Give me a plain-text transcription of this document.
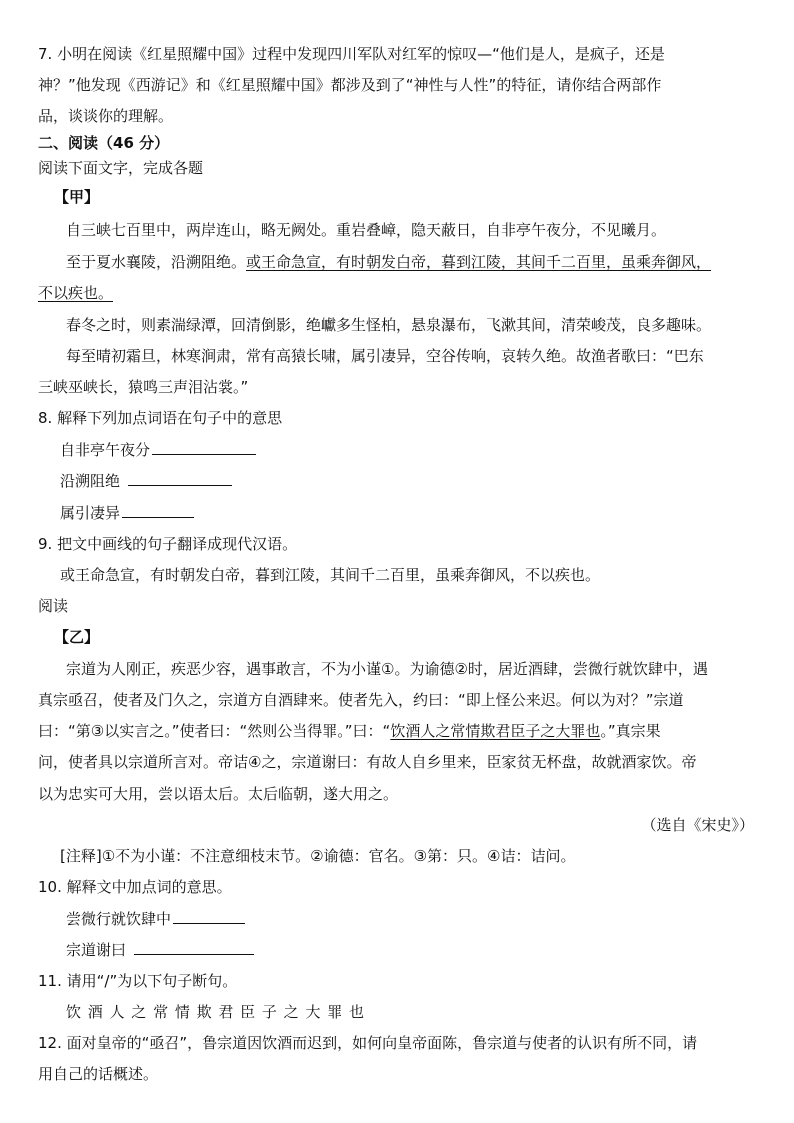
7. 小明在阅读《红星照耀中国》过程中发现四川军队对红军的惊叹—“他们是人，是疯子，还是
神？”他发现《西游记》和《红星照耀中国》都涉及到了“神性与人性”的特征，请你结合两部作
品，谈谈你的理解。
二、阅读（46 分）
阅读下面文字，完成各题
【甲】
自三峡七百里中，两岸连山，略无阙处。重岩叠嶂，隐天蔽日，自非亭午夜分，不见曦月。
至于夏水襄陵，沿溯阻绝。或王命急宣，有时朝发白帝，暮到江陵，其间千二百里，虽乘奔御风，
不以疾也。
春冬之时，则素湍绿潭，回清倒影，绝巘多生怪柏，悬泉瀑布，飞漱其间，清荣峻茂，良多趣味。
每至晴初霜旦，林寒涧肃，常有高猿长啸，属引凄异，空谷传响，哀转久绝。故渔者歌曰：“巴东
三峡巫峡长，猿鸣三声泪沾裳。”
8. 解释下列加点词语在句子中的意思
自非亭午夜分
沿溯阻绝
属引凄异
9. 把文中画线的句子翻译成现代汉语。
或王命急宣，有时朝发白帝，暮到江陵，其间千二百里，虽乘奔御风，不以疾也。
阅读
【乙】
宗道为人刚正，疾恶少容，遇事敢言，不为小谨①。为谕德②时，居近酒肆，尝微行就饮肆中，遇
真宗亟召，使者及门久之，宗道方自酒肆来。使者先入，约曰：“即上怪公来迟。何以为对？”宗道
曰：“第③以实言之。”使者曰：“然则公当得罪。”曰：“饮酒人之常情欺君臣子之大罪也。”真宗果
问，使者具以宗道所言对。帝诘④之，宗道谢曰：有故人自乡里来，臣家贫无杯盘，故就酒家饮。帝
以为忠实可大用，尝以语太后。太后临朝，遂大用之。
（选自《宋史》）
[注释]①不为小谨：不注意细枝末节。②谕德：官名。③第：只。④诘：诘问。
10. 解释文中加点词的意思。
尝微行就饮肆中
宗道谢曰
11. 请用“/”为以下句子断句。
饮 酒 人 之 常 情 欺 君 臣 子 之 大 罪 也
12. 面对皇帝的“亟召”，鲁宗道因饮酒而迟到，如何向皇帝面陈，鲁宗道与使者的认识有所不同，请
用自己的话概述。
